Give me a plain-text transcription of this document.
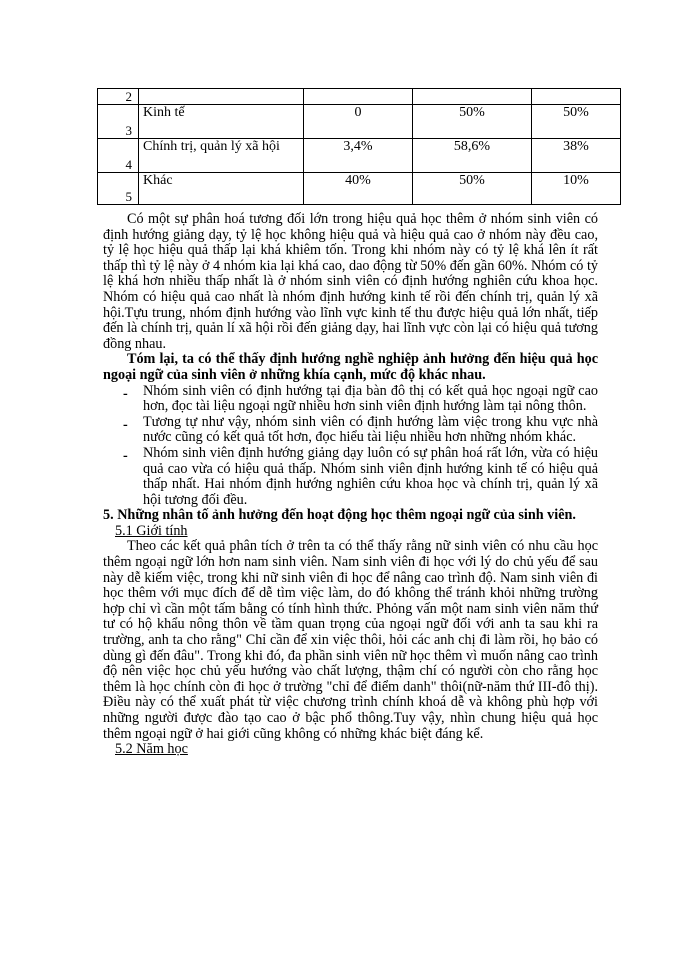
2				
3	Kinh tế	0	50%	50%
4	Chính trị, quản lý xã hội	3,4%	58,6%	38%
5	Khác	40%	50%	10%

Có một sự phân hoá tương đối lớn trong hiệu quả học thêm ở nhóm sinh viên có định hướng giảng dạy, tỷ lệ học không hiệu quả và hiệu quả cao ở nhóm này đều cao, tỷ lệ học hiệu quả thấp lại khá khiêm tốn. Trong khi nhóm này có tỷ lệ khá lên ít rất thấp thì tỷ lệ này ở 4 nhóm kia lại khá cao, dao động từ 50% đến gần 60%. Nhóm có tỷ lệ khá hơn nhiều thấp nhất là ở nhóm sinh viên có định hướng nghiên cứu khoa học. Nhóm có hiệu quả cao nhất là nhóm định hướng kinh tế rồi đến chính trị, quản lý xã hội.Tựu trung, nhóm định hướng vào lĩnh vực kinh tế thu được hiệu quả lớn nhất, tiếp đến là chính trị, quản lí xã hội rồi đến giảng dạy, hai lĩnh vực còn lại có hiệu quả tương đồng nhau.

Tóm lại, ta có thể thấy định hướng nghề nghiệp ảnh hưởng đến hiệu quả học ngoại ngữ của sinh viên ở những khía cạnh, mức độ khác nhau.

- Nhóm sinh viên có định hướng tại địa bàn đô thị có kết quả học ngoại ngữ cao hơn, đọc tài liệu ngoại ngữ nhiều hơn sinh viên định hướng làm tại nông thôn.
- Tương tự như vậy, nhóm sinh viên có định hướng làm việc trong khu vực nhà nước cũng có kết quả tốt hơn, đọc hiểu tài liệu nhiều hơn những nhóm khác.
- Nhóm sinh viên định hướng giảng dạy luôn có sự phân hoá rất lớn, vừa có hiệu quả cao vừa có hiệu quả thấp. Nhóm sinh viên định hướng kinh tế có hiệu quả thấp nhất. Hai nhóm định hướng nghiên cứu khoa học và chính trị, quản lý xã hội tương đối đều.

5. Những nhân tố ảnh hưởng đến hoạt động học thêm ngoại ngữ của sinh viên.

5.1 Giới tính

Theo các kết quả phân tích ở trên ta có thể thấy rằng nữ sinh viên có nhu cầu học thêm ngoại ngữ lớn hơn nam sinh viên. Nam sinh viên đi học với lý do chủ yếu để sau này dễ kiếm việc, trong khi nữ sinh viên đi học để nâng cao trình độ. Nam sinh viên đi học thêm với mục đích để dễ tìm việc làm, do đó không thể tránh khỏi những trường hợp chỉ vì cần một tấm bằng có tính hình thức. Phỏng vấn một nam sinh viên năm thứ tư có hộ khẩu nông thôn về tầm quan trọng của ngoại ngữ đối với anh ta sau khi ra trường, anh ta cho rằng" Chỉ cần để xin việc thôi, hỏi các anh chị đi làm rồi, họ bảo có dùng gì đến đâu". Trong khi đó, đa phần sinh viên nữ học thêm vì muốn nâng cao trình độ nên việc học chủ yếu hướng vào chất lượng, thậm chí có người còn cho rằng học thêm là học chính còn đi học ở trường "chỉ để điểm danh" thôi(nữ-năm thứ III-đô thị). Điều này có thể xuất phát từ việc chương trình chính khoá dễ và không phù hợp với những người được đào tạo cao ở bậc phổ thông.Tuy vậy, nhìn chung hiệu quả học thêm ngoại ngữ ở hai giới cũng không có những khác biệt đáng kể.

5.2 Năm học
